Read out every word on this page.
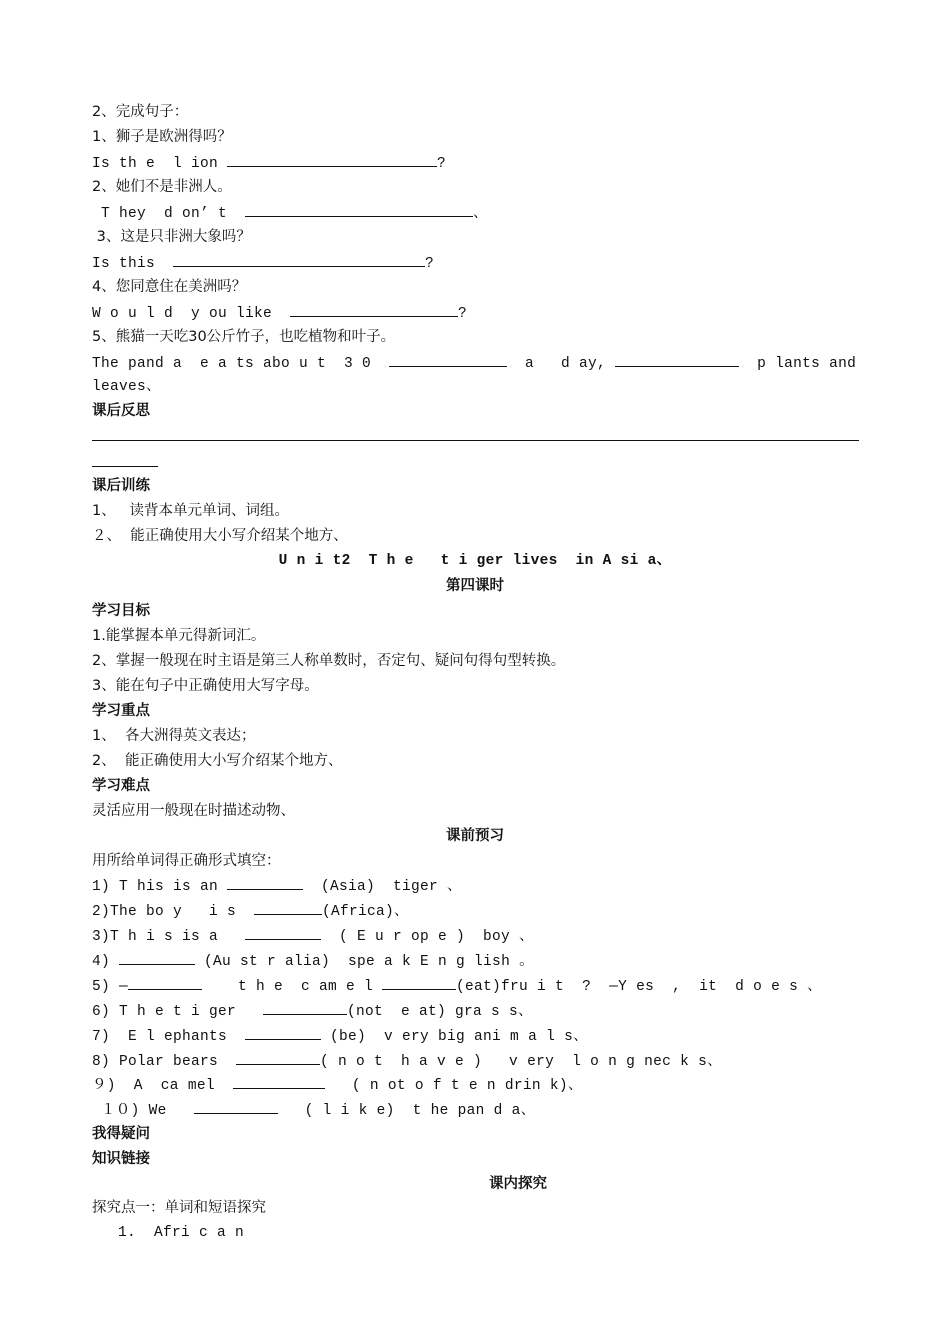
2、完成句子：

1、狮子是欧洲得吗？

Is th e  l ion	?

2、她们不是非洲人。

T hey  d on’ t	、

3、这是只非洲大象吗？

Is this	?

4、您同意住在美洲吗？

W o u l d  y ou like	?

5、熊猫一天吃30公斤竹子，也吃植物和叶子。

The pand a  e a ts abo u t  3 0	a   d ay,	p lants and

leaves、

课后反思

课后训练

1、   读背本单元单词、词组。

２、  能正确使用大小写介绍某个地方、

U n i t2  T h e   t i ger lives  in A si a、

第四课时

学习目标

1.能掌握本单元得新词汇。

2、掌握一般现在时主语是第三人称单数时，否定句、疑问句得句型转换。

3、能在句子中正确使用大写字母。

学习重点

1、  各大洲得英文表达；

2、  能正确使用大小写介绍某个地方、

学习难点

灵活应用一般现在时描述动物、

课前预习

用所给单词得正确形式填空：

1) T his is an	(Asia)  tiger 、

2)The bo y   i s	(Africa)、

3)T h i s is a	( E u r op e )  boy 、

4)	(Au st r alia)  spe a k E n g lish 。

5) —	t h e  c am e l	(eat)fru i t  ?  —Y es  ,  it  d o e s 、

6) T h e t i ger	(not  e at) gra s s、

7)  E l ephants	(be)  v ery big ani m a l s、

8) Polar bears	( n o t  h a v e )   v ery  l o n g nec k s、

９)  A  ca mel	( n ot o f t e n drin k)、

１０) We	( l i k e)  t he pan d a、

我得疑问

知识链接

课内探究

探究点一：单词和短语探究

1.  Afri c a n
